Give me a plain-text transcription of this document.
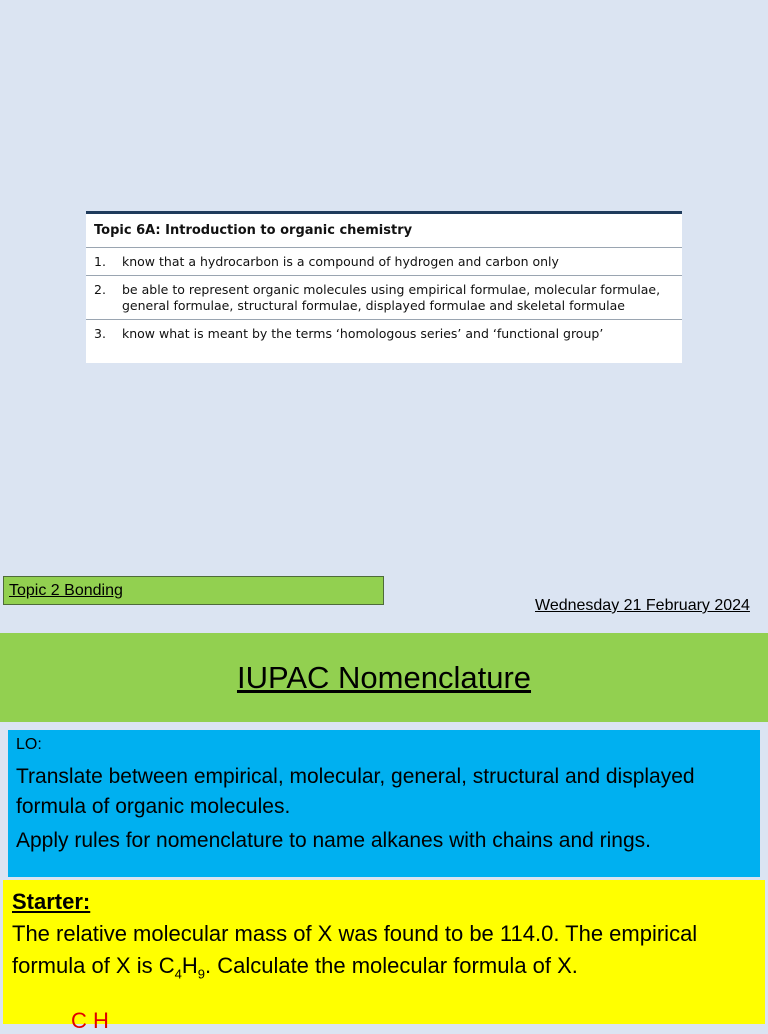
Topic 6A: Introduction to organic chemistry
1.	know that a hydrocarbon is a compound of hydrogen and carbon only
2.	be able to represent organic molecules using empirical formulae, molecular formulae, general formulae, structural formulae, displayed formulae and skeletal formulae
3.	know what is meant by the terms ‘homologous series’ and ‘functional group’
Topic 2 Bonding
Wednesday 21 February 2024
IUPAC Nomenclature
LO:
Translate between empirical, molecular, general, structural and displayed formula of organic molecules.
Apply rules for nomenclature to name alkanes with chains and rings.
Starter:
The relative molecular mass of X was found to be 114.0. The empirical formula of X is $C_4H_9$. Calculate the molecular formula of X.
C H
